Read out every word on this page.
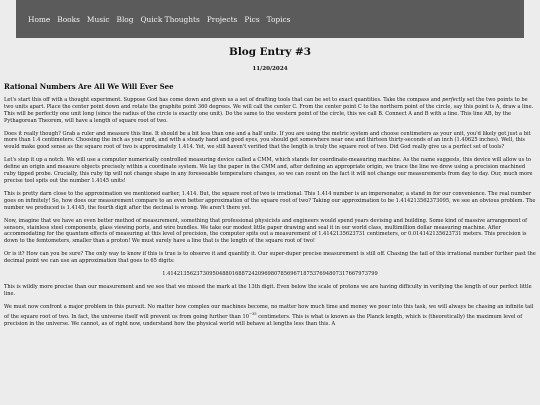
Home Books Music Blog Quick Thoughts Projects Pics Topics
Blog Entry #3
11/20/2024
Rational Numbers Are All We Will Ever See

Let's start this off with a thought experiment. Suppose God has come down and given us a set of drafting tools that can be set to exact quantities. Take the compass and perfectly set the two points to be two units apart. Place the center point down and rotate the graphite point 360 degrees. We will call the center C. From the center point C to the northern point of the circle, say this point is A, draw a line. This will be perfectly one unit long (since the radius of the circle is exactly one unit). Do the same to the western point of the circle, this we call B. Connect A and B with a line. This line AB, by the Pythagorean Theorem, will have a length of square root of two.

Does it really though? Grab a ruler and measure this line. It should be a bit less than one and a half units. If you are using the metric system and choose centimeters as your unit, you'd likely get just a bit more than 1.4 centimeters. Choosing the inch as your unit, and with a steady hand and good eyes, you should get somewhere near one and thirteen thirty-seconds of an inch (1.40625 inches). Well, this would make good sense as the square root of two is approximately 1.414. Yet, we still haven't verified that the length is truly the square root of two. Did God really give us a perfect set of tools?

Let's step it up a notch. We will use a computer numerically controlled measuring device called a CMM, which stands for coordinate-measuring machine. As the name suggests, this device will allow us to define an origin and measure objects precisely within a coordinate system. We lay the paper in the CMM and, after defining an appropriate origin, we trace the line we drew using a precision machined ruby tipped probe. Crucially, this ruby tip will not change shape in any foreseeable temperature changes, so we can count on the fact it will not change our measurements from day to day. Our, much more precise tool spits out the number 1.4145 units!

This is pretty darn close to the approximation we mentioned earlier, 1.414. But, the square root of two is irrational. This 1.414 number is an impersonator, a stand in for our convenience. The real number goes on infinitely! So, how does our measurement compare to an even better approximation of the square root of two? Taking our approximation to be 1.414213562373095, we see an obvious problem. The number we produced is 1.4145, the fourth digit after the decimal is wrong. We aren't there yet.

Now, imagine that we have an even better method of measurement, something that professional physicists and engineers would spend years devising and building. Some kind of massive arrangement of sensors, stainless steel components, glass viewing ports, and wire bundles. We take our modest little paper drawing and seal it in our world class, multimillion dollar measuring machine. After accommodating for the quantum effects of measuring at this level of precision, the computer spits out a measurement of 1.414213562373​1 centimeters, or 0.014142135623731 meters. This precision is down to the femtometers, smaller than a proton! We must surely have a line that is the length of the square root of two!

Or is it? How can you be sure? The only way to know if this is true is to observe it and quantify it. Our super-duper precise measurement is still off. Chasing the tail of this irrational number further past the decimal point we can use an approximation that goes to 65 digits:

1.41421356237309504880168872420969807856967187537694807317667973799

This is wildly more precise than our measurement and we see that we missed the mark at the 13th digit. Even below the scale of protons we are having difficulty in verifying the length of our perfect little line.

We must now confront a major problem in this pursuit. No matter how complex our machines become, no matter how much time and money we pour into this task, we will always be chasing an infinite tail of the square root of two. In fact, the universe itself will prevent us from going further than $10^{-35}$ centimeters. This is what is known as the Planck length, which is (theoretically) the maximum level of precision in the universe. We cannot, as of right now, understand how the physical world will behave at lengths less than this. A
